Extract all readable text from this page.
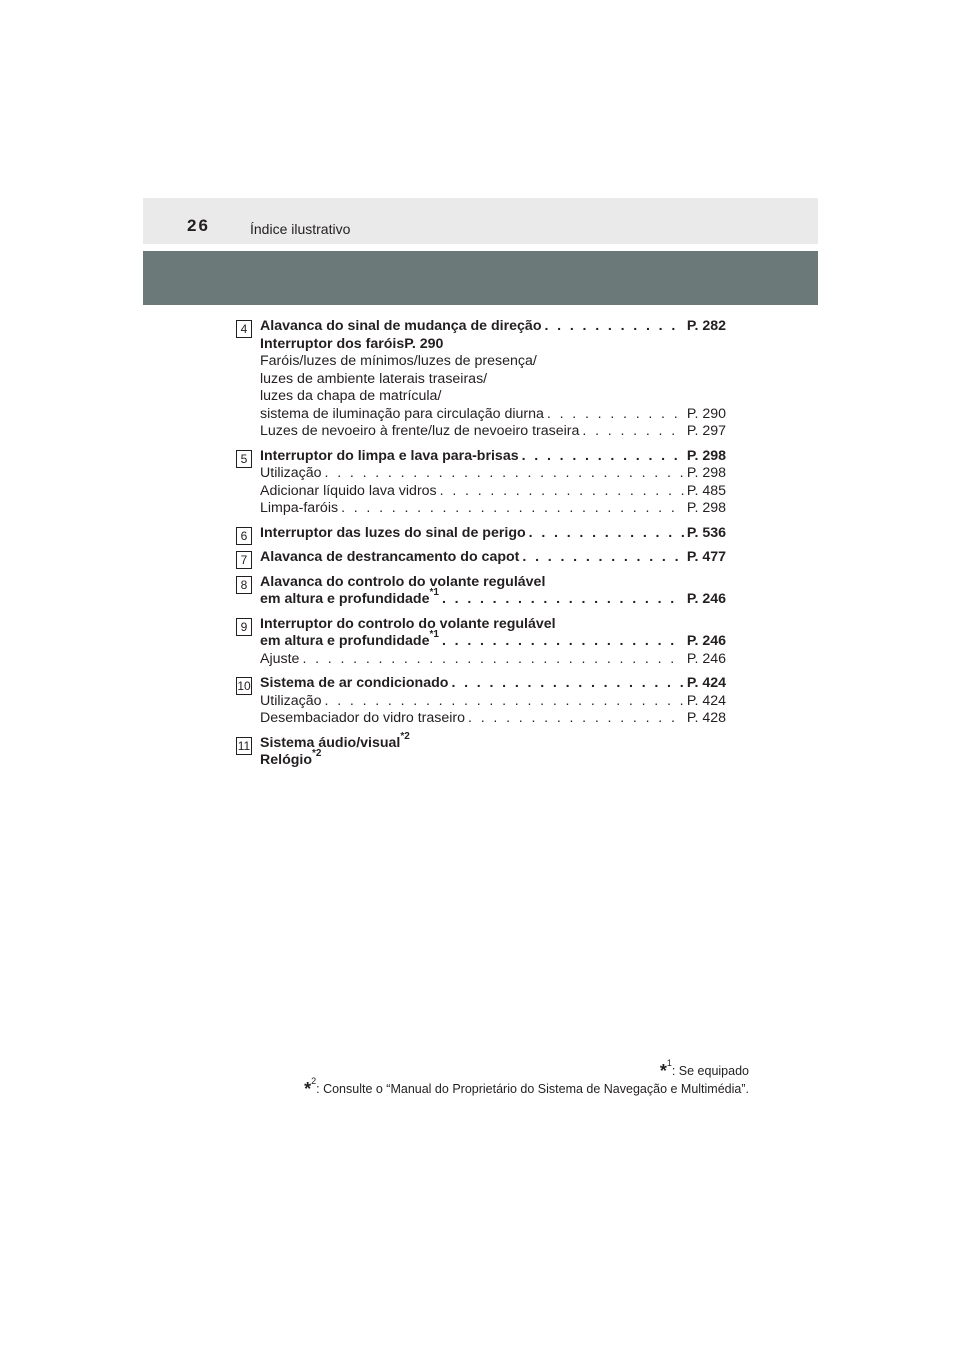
26	Índice ilustrativo
4 Alavanca do sinal de mudança de direção . . .	P. 282
Interruptor dos faróisP. 290
Faróis/luzes de mínimos/luzes de presença/
luzes de ambiente laterais traseiras/
luzes da chapa de matrícula/
sistema de iluminação para circulação diurna . . .	P. 290
Luzes de nevoeiro à frente/luz de nevoeiro traseira . . .	P. 297
5 Interruptor do limpa e lava para-brisas . . .	P. 298
Utilização . . .	P. 298
Adicionar líquido lava vidros . . .	P. 485
Limpa-faróis . . .	P. 298
6 Interruptor das luzes do sinal de perigo . . .	P. 536
7 Alavanca de destrancamento do capot . . .	P. 477
8 Alavanca do controlo do volante regulável
em altura e profundidade$^{*1}$ . . .	P. 246
9 Interruptor do controlo do volante regulável
em altura e profundidade$^{*1}$ . . .	P. 246
Ajuste . . .	P. 246
10 Sistema de ar condicionado . . .	P. 424
Utilização . . .	P. 424
Desembaciador do vidro traseiro . . .	P. 428
11 Sistema áudio/visual$^{*2}$
Relógio$^{*2}$
*$^1$: Se equipado
*$^2$: Consulte o “Manual do Proprietário do Sistema de Navegação e Multimédia”.
